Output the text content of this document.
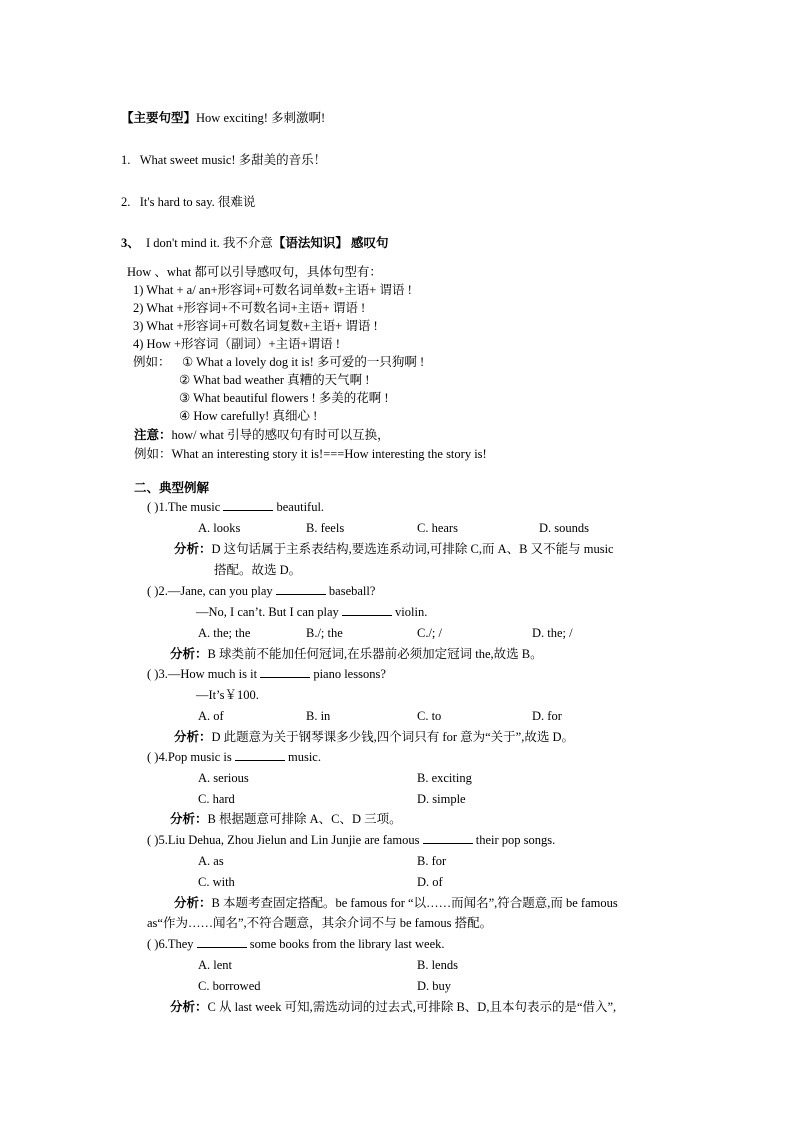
【主要句型】How exciting! 多刺激啊!
1. What sweet music! 多甜美的音乐！
2. It's hard to say. 很难说
3、 I don't mind it. 我不介意【语法知识】 感叹句
How 、what 都可以引导感叹句，具体句型有：
1) What + a/ an+形容词+可数名词单数+主语+ 谓语 !
2) What +形容词+不可数名词+主语+ 谓语 !
3) What +形容词+可数名词复数+主语+ 谓语 !
4) How +形容词（副词）+主语+谓语 !
例如： ① What a lovely dog it is! 多可爱的一只狗啊 !
② What bad weather 真糟的天气啊 !
③ What beautiful flowers ! 多美的花啊 !
④ How carefully! 真细心 !
注意：how/ what 引导的感叹句有时可以互换，
例如：What an interesting story it is!===How interesting the story is!
二、典型例解
( )1.The music	beautiful.
A. looks	B. feels	C. hears	D. sounds
分析：D 这句话属于主系表结构,要选连系动词,可排除 C,而 A、B 又不能与 music
搭配。故选 D。
( )2.—Jane, can you play	baseball?
—No, I can’t. But I can play	violin.
A. the; the	B./; the	C./; /	D. the; /
分析：B 球类前不能加任何冠词,在乐器前必须加定冠词 the,故选 B。
( )3.—How much is it	piano lessons?
—It’s￥100.
A. of	B. in	C. to	D. for
分析：D 此题意为关于钢琴课多少钱,四个词只有 for 意为“关于”,故选 D。
( )4.Pop music is	music.
A. serious	B. exciting
C. hard	D. simple
分析：B 根据题意可排除 A、C、D 三项。
( )5.Liu Dehua, Zhou Jielun and Lin Junjie are famous	their pop songs.
A. as	B. for
C. with	D. of
分析：B 本题考查固定搭配。be famous for “以……而闻名”,符合题意,而 be famous
as“作为……闻名”,不符合题意，其余介词不与 be famous 搭配。
( )6.They	some books from the library last week.
A. lent	B. lends
C. borrowed	D. buy
分析：C 从 last week 可知,需选动词的过去式,可排除 B、D,且本句表示的是“借入”,
